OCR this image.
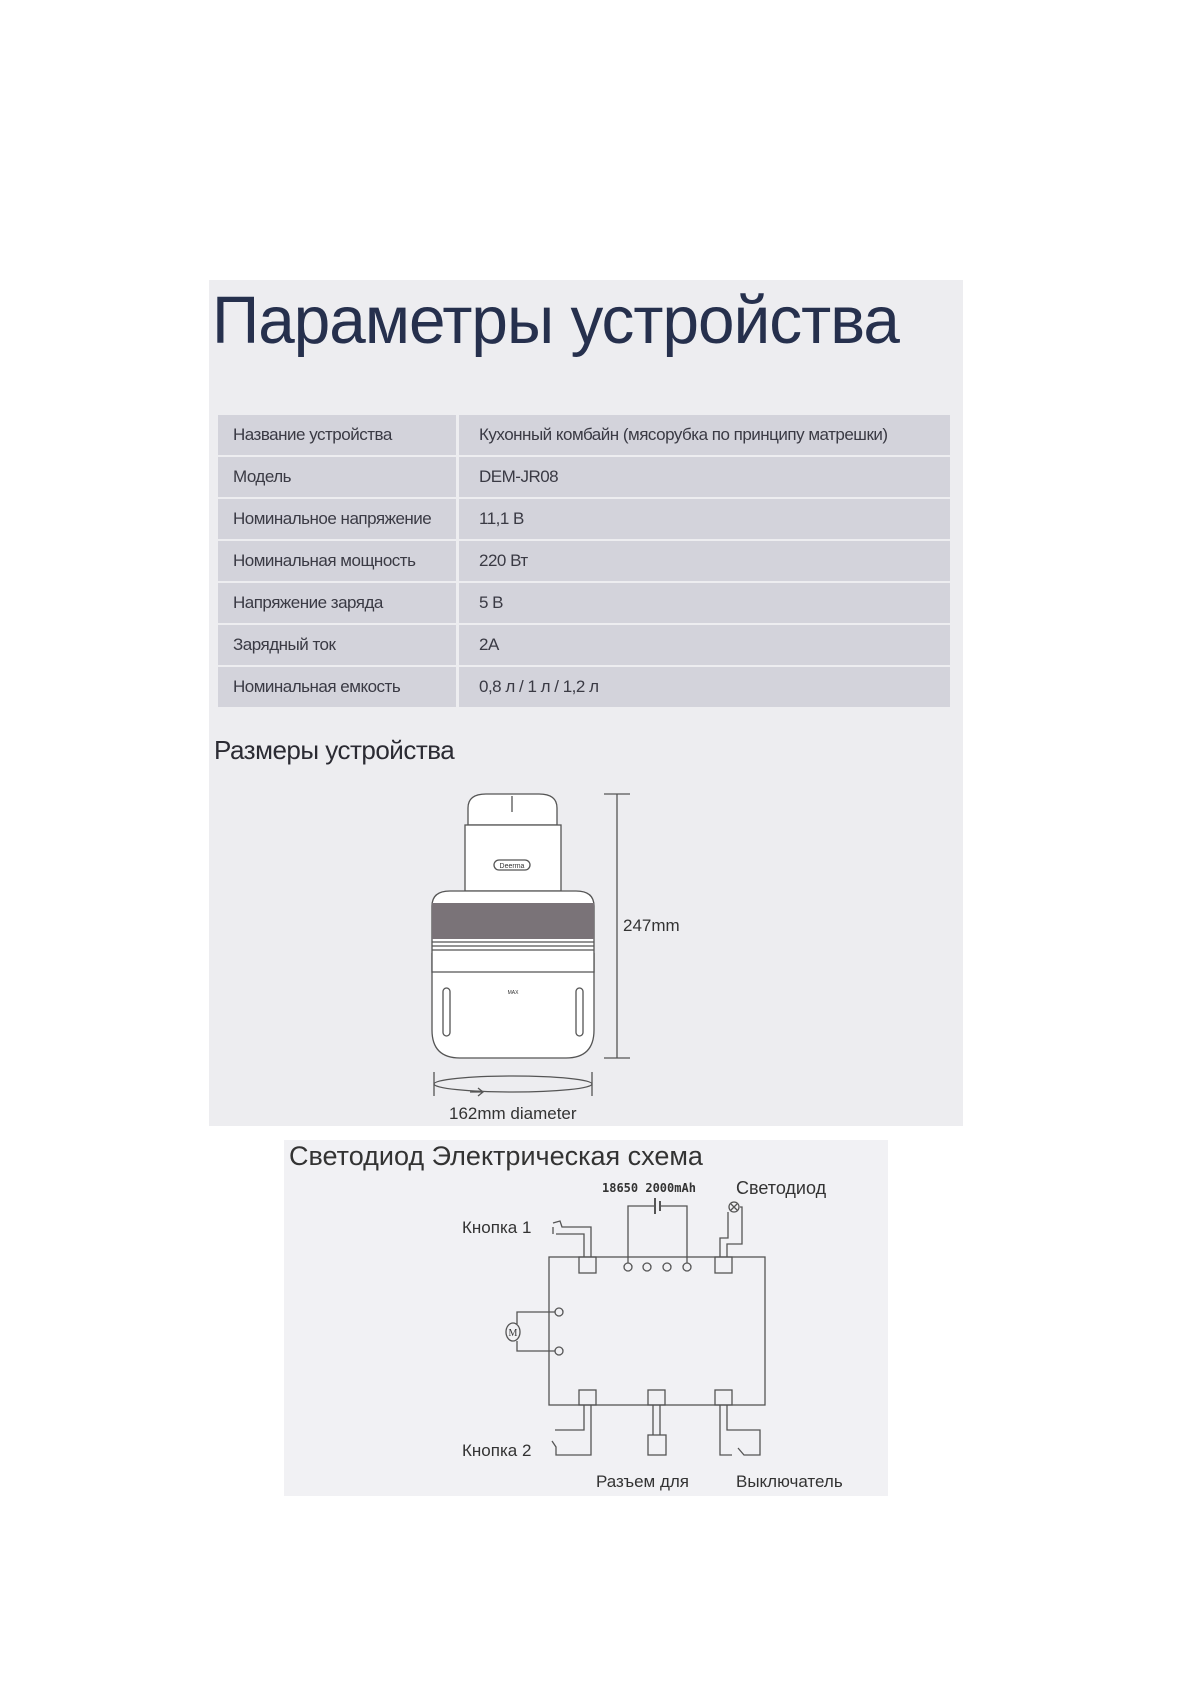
Параметры устройства
Название устройства	Кухонный комбайн (мясорубка по принципу матрешки)
Модель	DEM-JR08
Номинальное напряжение	11,1 В
Номинальная мощность	220 Вт
Напряжение заряда	5 В
Зарядный ток	2A
Номинальная емкость	0,8 л / 1 л / 1,2 л
Размеры устройства
Deerma
MAX
247mm
162mm diameter
Светодиод Электрическая схема
18650 2000mAh Светодиод
Кнопка 1
Кнопка 2
Разъем для	Выключатель
M
